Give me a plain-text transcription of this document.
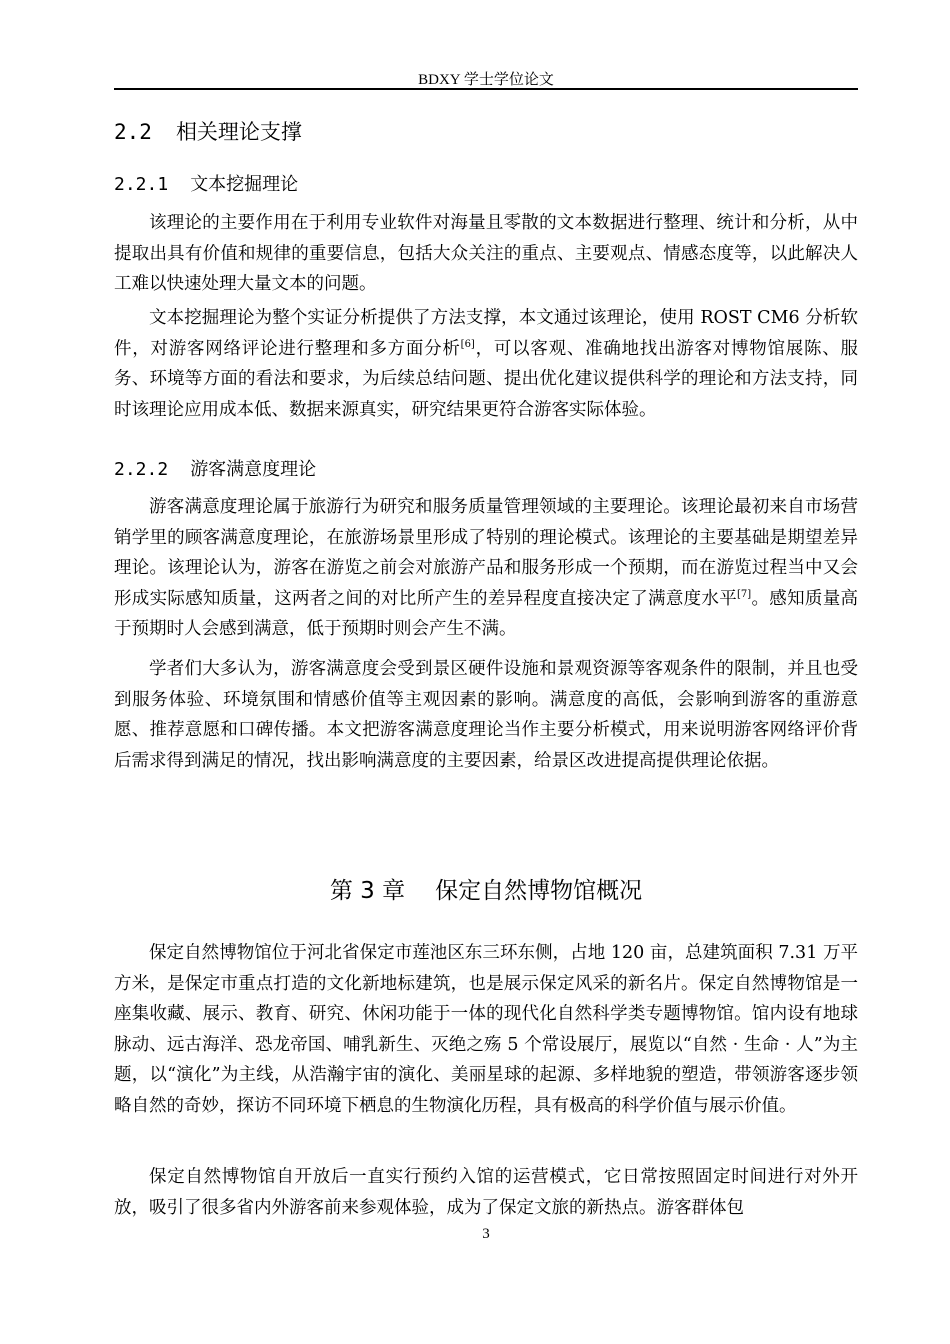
BDXY 学士学位论文
2.2 相关理论支撑
2.2.1 文本挖掘理论

该理论的主要作用在于利用专业软件对海量且零散的文本数据进行整理、统计和分析，从中提取出具有价值和规律的重要信息，包括大众关注的重点、主要观点、情感态度等，以此解决人工难以快速处理大量文本的问题。

文本挖掘理论为整个实证分析提供了方法支撑，本文通过该理论，使用 ROST CM6 分析软件，对游客网络评论进行整理和多方面分析[6]，可以客观、准确地找出游客对博物馆展陈、服务、环境等方面的看法和要求，为后续总结问题、提出优化建议提供科学的理论和方法支持，同时该理论应用成本低、数据来源真实，研究结果更符合游客实际体验。

2.2.2 游客满意度理论

游客满意度理论属于旅游行为研究和服务质量管理领域的主要理论。该理论最初来自市场营销学里的顾客满意度理论，在旅游场景里形成了特别的理论模式。该理论的主要基础是期望差异理论。该理论认为，游客在游览之前会对旅游产品和服务形成一个预期，而在游览过程当中又会形成实际感知质量，这两者之间的对比所产生的差异程度直接决定了满意度水平[7]。感知质量高于预期时人会感到满意，低于预期时则会产生不满。

学者们大多认为，游客满意度会受到景区硬件设施和景观资源等客观条件的限制，并且也受到服务体验、环境氛围和情感价值等主观因素的影响。满意度的高低，会影响到游客的重游意愿、推荐意愿和口碑传播。本文把游客满意度理论当作主要分析模式，用来说明游客网络评价背后需求得到满足的情况，找出影响满意度的主要因素，给景区改进提高提供理论依据。

第 3 章 保定自然博物馆概况

保定自然博物馆位于河北省保定市莲池区东三环东侧，占地 120 亩，总建筑面积 7.31 万平方米，是保定市重点打造的文化新地标建筑，也是展示保定风采的新名片。保定自然博物馆是一座集收藏、展示、教育、研究、休闲功能于一体的现代化自然科学类专题博物馆。馆内设有地球脉动、远古海洋、恐龙帝国、哺乳新生、灭绝之殇 5 个常设展厅，展览以“自然 · 生命 · 人”为主题，以“演化”为主线，从浩瀚宇宙的演化、美丽星球的起源、多样地貌的塑造，带领游客逐步领略自然的奇妙，探访不同环境下栖息的生物演化历程，具有极高的科学价值与展示价值。

保定自然博物馆自开放后一直实行预约入馆的运营模式，它日常按照固定时间进行对外开放，吸引了很多省内外游客前来参观体验，成为了保定文旅的新热点。游客群体包

3
